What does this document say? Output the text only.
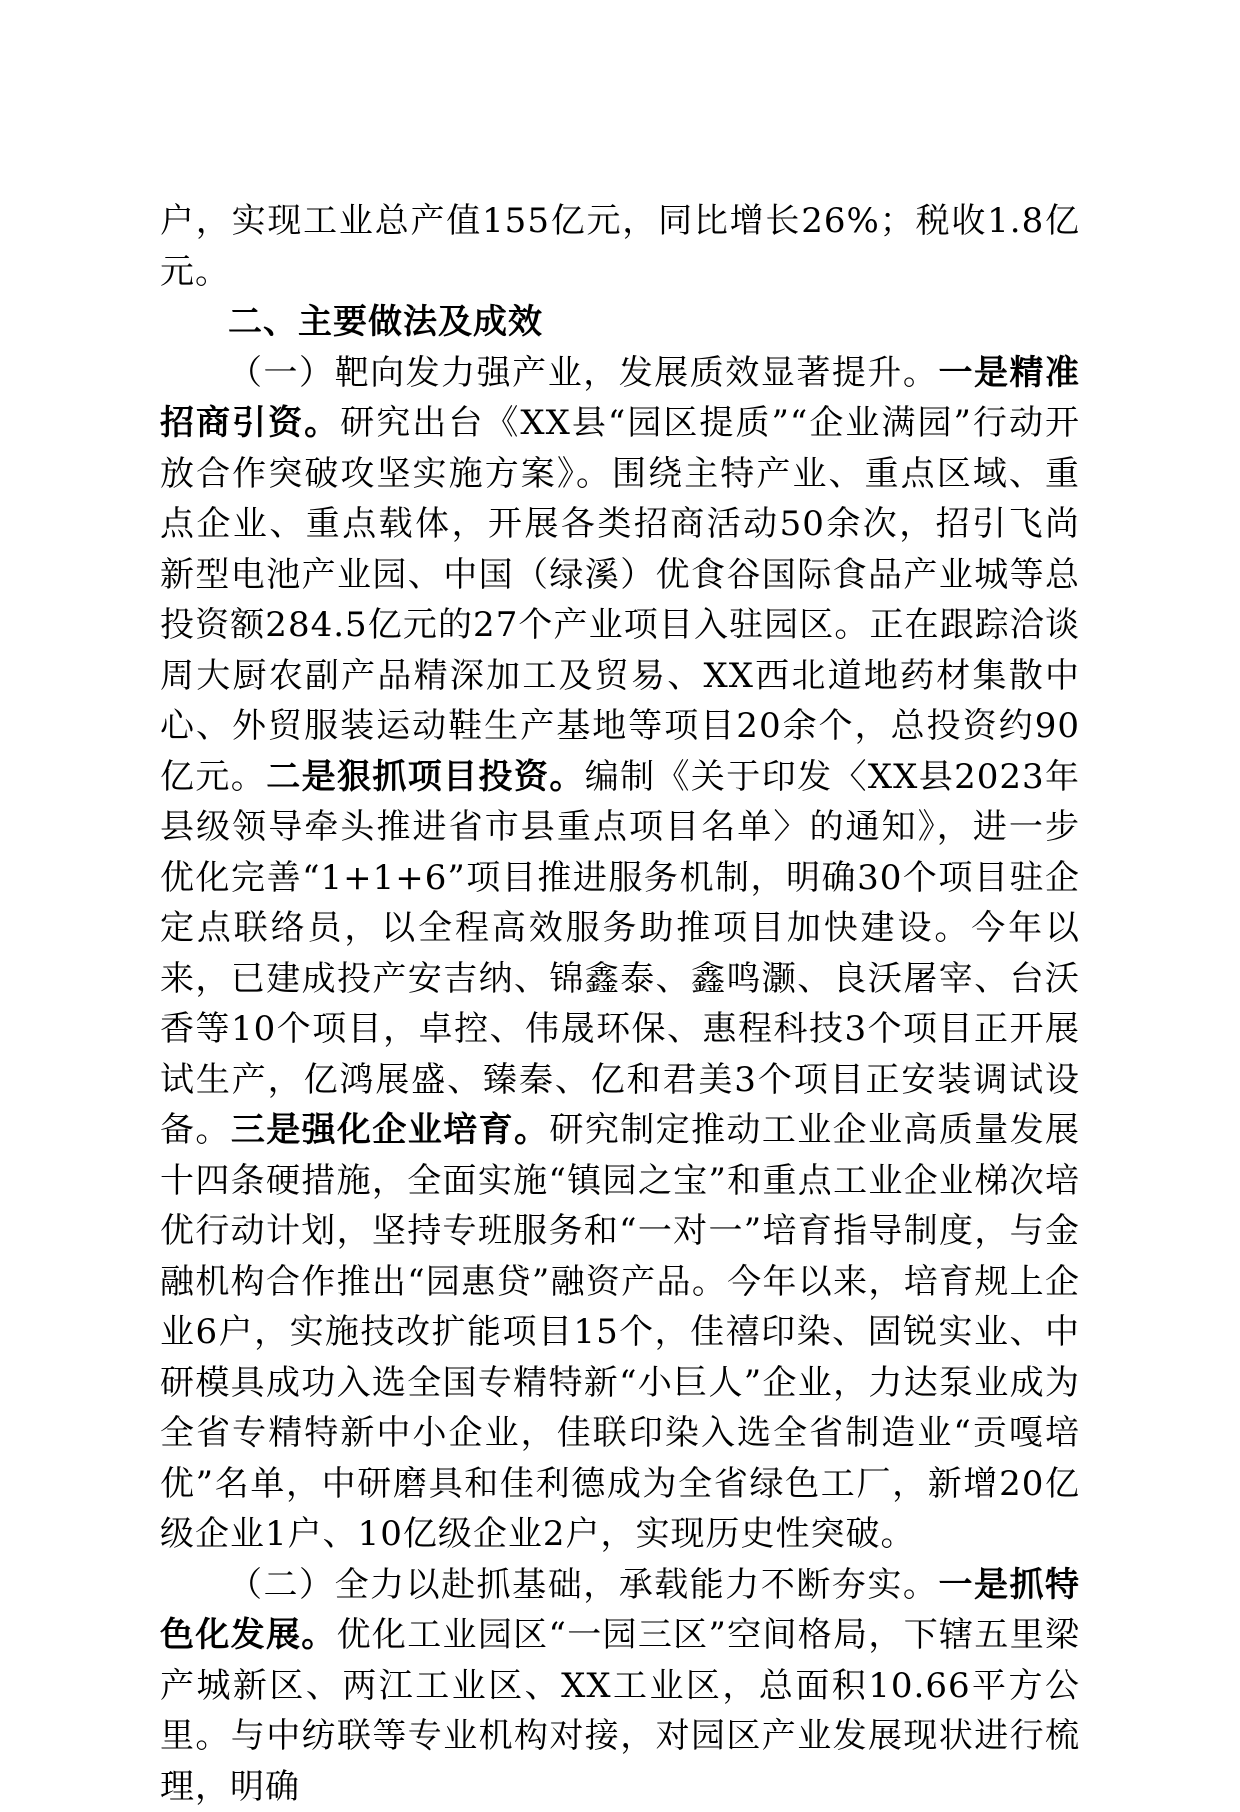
户，实现工业总产值155亿元，同比增长26%；税收1.8亿元。

二、主要做法及成效

（一）靶向发力强产业，发展质效显著提升。一是精准招商引资。研究出台《XX县“园区提质”“企业满园”行动开放合作突破攻坚实施方案》。围绕主特产业、重点区域、重点企业、重点载体，开展各类招商活动50余次，招引飞尚新型电池产业园、中国（绿溪）优食谷国际食品产业城等总投资额284.5亿元的27个产业项目入驻园区。正在跟踪洽谈周大厨农副产品精深加工及贸易、XX西北道地药材集散中心、外贸服装运动鞋生产基地等项目20余个，总投资约90亿元。二是狠抓项目投资。编制《关于印发〈XX县2023年县级领导牵头推进省市县重点项目名单〉的通知》，进一步优化完善“1+1+6”项目推进服务机制，明确30个项目驻企定点联络员，以全程高效服务助推项目加快建设。今年以来，已建成投产安吉纳、锦鑫泰、鑫鸣灏、良沃屠宰、台沃香等10个项目，卓控、伟晟环保、惠程科技3个项目正开展试生产，亿鸿展盛、臻秦、亿和君美3个项目正安装调试设备。三是强化企业培育。研究制定推动工业企业高质量发展十四条硬措施，全面实施“镇园之宝”和重点工业企业梯次培优行动计划，坚持专班服务和“一对一”培育指导制度，与金融机构合作推出“园惠贷”融资产品。今年以来，培育规上企业6户，实施技改扩能项目15个，佳禧印染、固锐实业、中研模具成功入选全国专精特新“小巨人”企业，力达泵业成为全省专精特新中小企业，佳联印染入选全省制造业“贡嘎培优”名单，中研磨具和佳利德成为全省绿色工厂，新增20亿级企业1户、10亿级企业2户，实现历史性突破。

（二）全力以赴抓基础，承载能力不断夯实。一是抓特色化发展。优化工业园区“一园三区”空间格局，下辖五里梁产城新区、两江工业区、XX工业区，总面积10.66平方公里。与中纺联等专业机构对接，对园区产业发展现状进行梳理，明确
